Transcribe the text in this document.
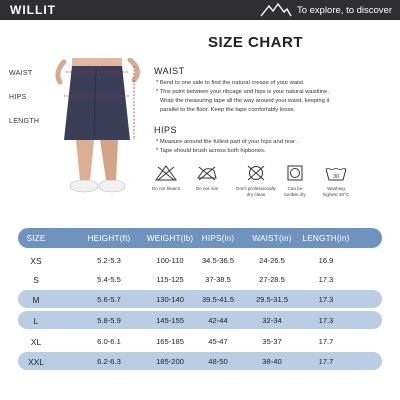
WILLIT	To explore, to discover
SIZE CHART
WAIST
HIPS
LENGTH
WAIST
* Bend to one side to find the natural crease of your waist.
* This point between your ribcage and hips is your natural waistline.
Wrap the measuring tape all the way around your waist, keeping it
parallel to the floor. Keep the tape comfortably loose.
HIPS
* Measure around the fullest part of your hips and rear .
* Tape should brush across both hipbones.
30
Do not bleach	Do not iron	Don't professionally
dry clean
Can be
tumble dry
Washing
highest 30°C
SIZE	HEIGHT(ft)	WEIGHT(lb)	HIPS(in)	WAIST(in)	LENGTH(in)
XS	5.2-5.3	100-110	34.5-36.5	24-26.5	16.9
S	5.4-5.5	115-125	37-38.5	27-28.5	17.3
M	5.6-5.7	130-140	39.5-41.5	29.5-31.5	17.3
L	5.8-5.9	145-155	42-44	32-34	17.3
XL	6.0-6.1	165-185	45-47	35-37	17.7
XXL	6.2-6.3	185-200	48-50	38-40	17.7
